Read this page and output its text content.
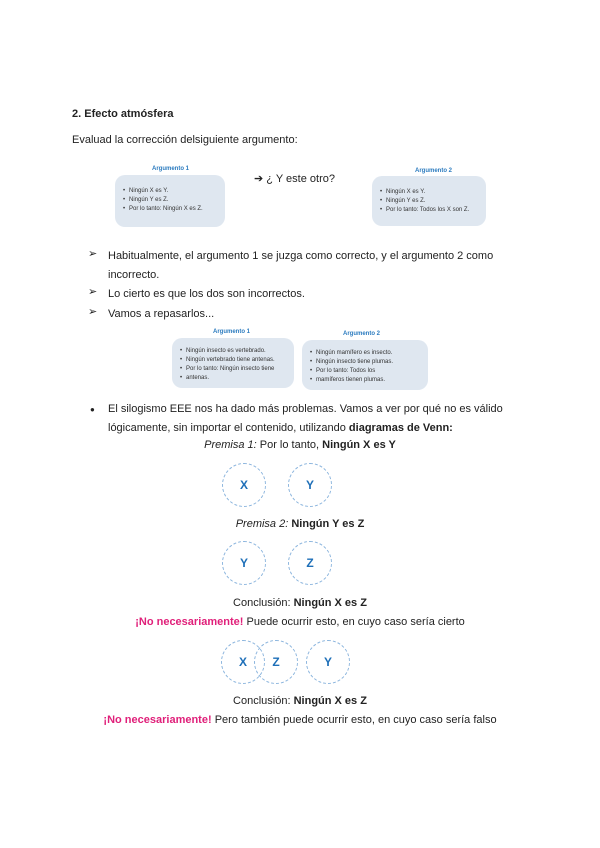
2. Efecto atmósfera
Evaluad la corrección delsiguiente argumento:
Argumento 1
• Ningún X es Y.
• Ningún Y es Z.
• Por lo tanto: Ningún X es Z.
➔ ¿ Y este otro?
Argumento 2
• Ningún X es Y.
• Ningún Y es Z.
• Por lo tanto: Todos los X son Z.
➢ Habitualmente, el argumento 1 se juzga como correcto, y el argumento 2 como
incorrecto.
➢ Lo cierto es que los dos son incorrectos.
➢ Vamos a repasarlos...
Argumento 1
• Ningún insecto es vertebrado.
• Ningún vertebrado tiene antenas.
• Por lo tanto: Ningún insecto tiene
• antenas.
Argumento 2
• Ningún mamífero es insecto.
• Ningún insecto tiene plumas.
• Por lo tanto: Todos los
• mamíferos tienen plumas.
● El silogismo EEE nos ha dado más problemas. Vamos a ver por qué no es válido
lógicamente, sin importar el contenido, utilizando diagramas de Venn:
Premisa 1: Por lo tanto, Ningún X es Y
X	Y
Premisa 2: Ningún Y es Z
Y	Z
Conclusión: Ningún X es Z
¡No necesariamente! Puede ocurrir esto, en cuyo caso sería cierto
X	Z	Y
Conclusión: Ningún X es Z
¡No necesariamente! Pero también puede ocurrir esto, en cuyo caso sería falso
